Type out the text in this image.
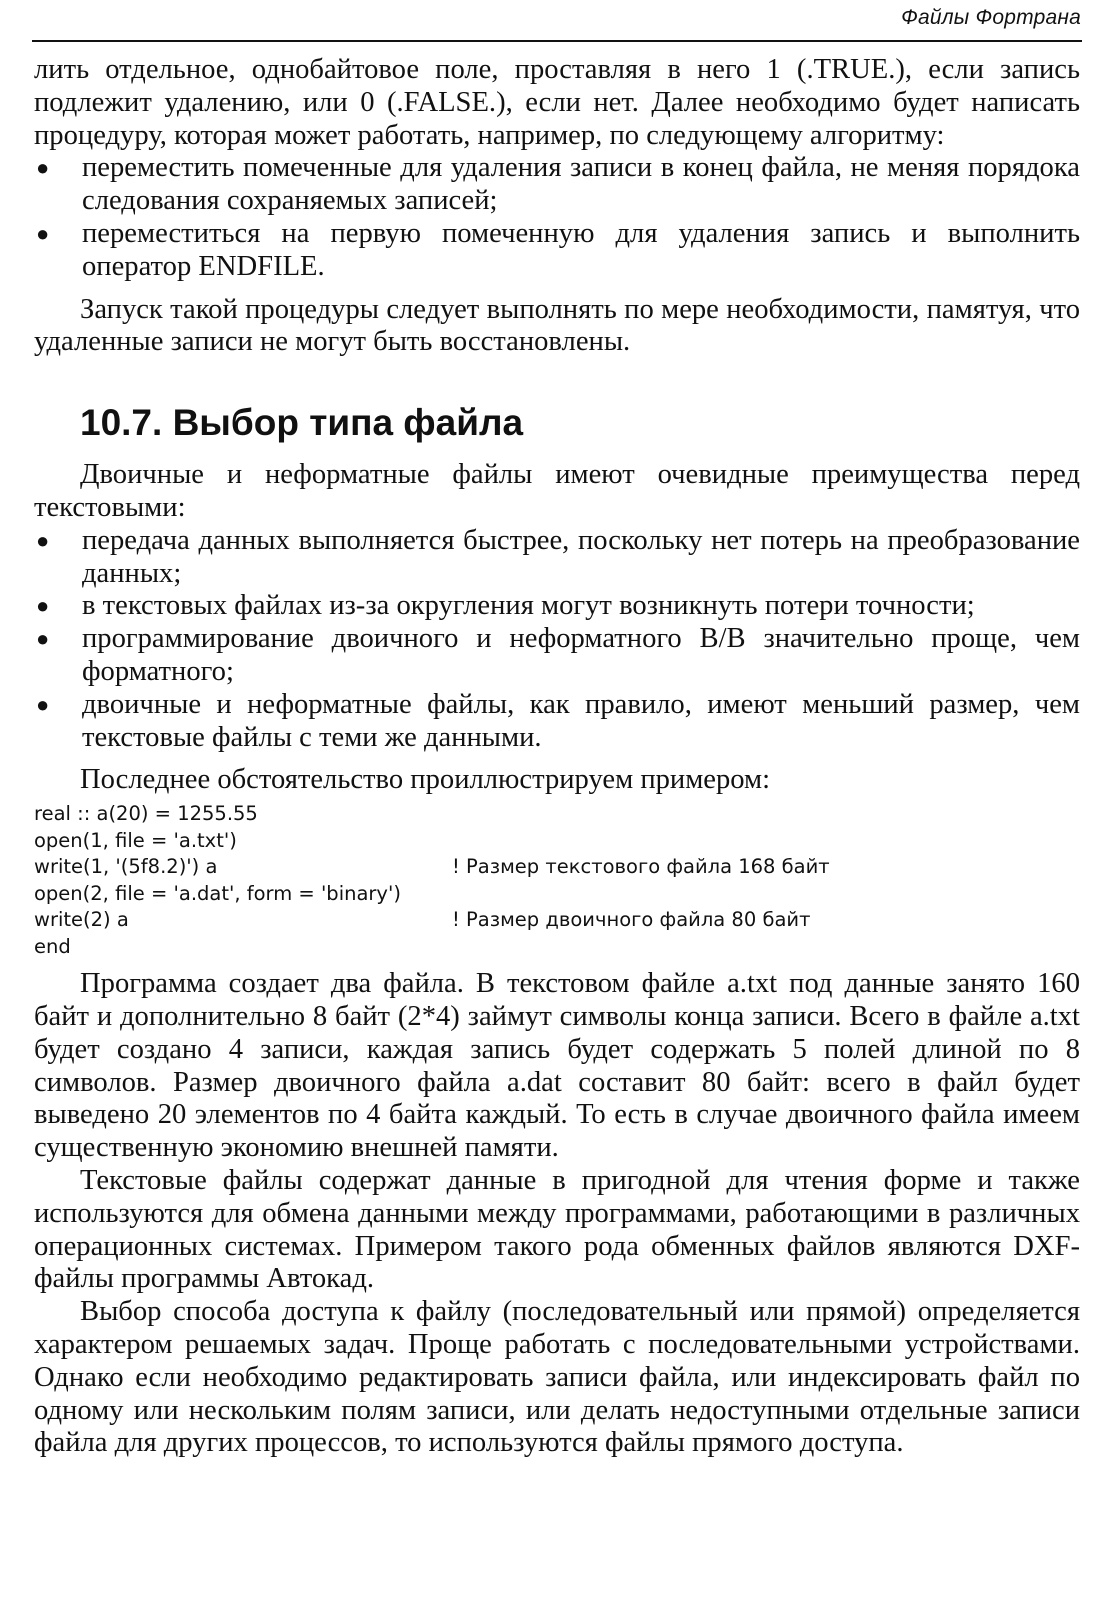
Файлы Фортрана

лить отдельное, однобайтовое поле, проставляя в него 1 (.TRUE.), если запись подлежит удалению, или 0 (.FALSE.), если нет. Далее необходимо будет написать процедуру, которая может работать, например, по следующему алгоритму:

● переместить помеченные для удаления записи в конец файла, не меняя порядока следования сохраняемых записей;
● переместиться на первую помеченную для удаления запись и выполнить оператор ENDFILE.

Запуск такой процедуры следует выполнять по мере необходимости, памятуя, что удаленные записи не могут быть восстановлены.

10.7. Выбор типа файла

Двоичные и неформатные файлы имеют очевидные преимущества перед текстовыми:

● передача данных выполняется быстрее, поскольку нет потерь на преобразование данных;
● в текстовых файлах из-за округления могут возникнуть потери точности;
● программирование двоичного и неформатного В/В значительно проще, чем форматного;
● двоичные и неформатные файлы, как правило, имеют меньший размер, чем текстовые файлы с теми же данными.

Последнее обстоятельство проиллюстрируем примером:

real :: a(20) = 1255.55
open(1, file = 'a.txt')
write(1, '(5f8.2)') a	! Размер текстового файла 168 байт
open(2, file = 'a.dat', form = 'binary')
write(2) a	! Размер двоичного файла 80 байт
end

Программа создает два файла. В текстовом файле a.txt под данные занято 160 байт и дополнительно 8 байт (2*4) займут символы конца записи. Всего в файле a.txt будет создано 4 записи, каждая запись будет содержать 5 полей длиной по 8 символов. Размер двоичного файла a.dat составит 80 байт: всего в файл будет выведено 20 элементов по 4 байта каждый. То есть в случае двоичного файла имеем существенную экономию внешней памяти.

Текстовые файлы содержат данные в пригодной для чтения форме и также используются для обмена данными между программами, работающими в различных операционных системах. Примером такого рода обменных файлов являются DXF-файлы программы Автокад.

Выбор способа доступа к файлу (последовательный или прямой) определяется характером решаемых задач. Проще работать с последовательными устройствами. Однако если необходимо редактировать записи файла, или индексировать файл по одному или нескольким полям записи, или делать недоступными отдельные записи файла для других процессов, то используются файлы прямого доступа.
